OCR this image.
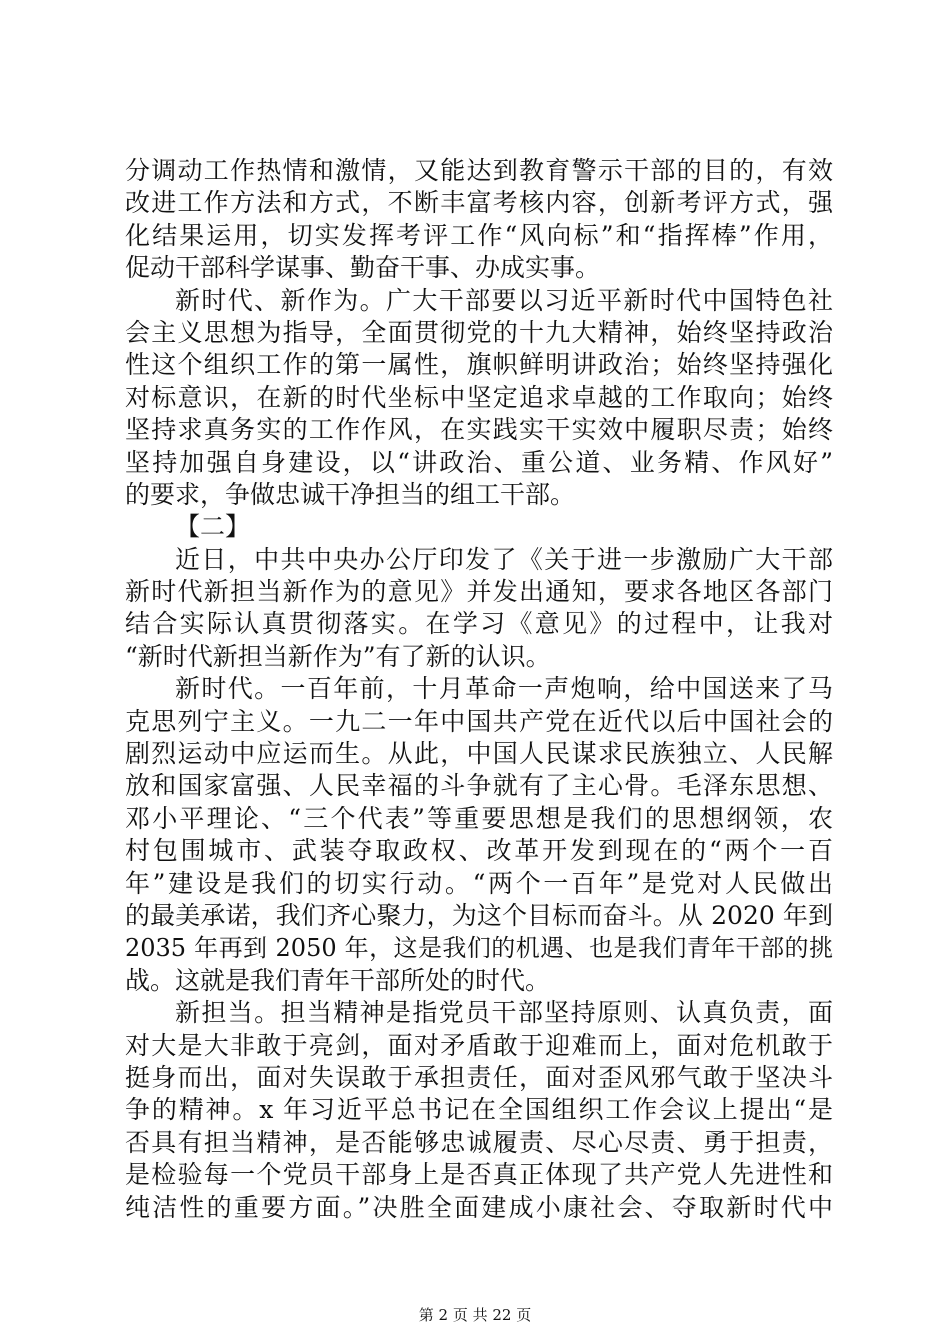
分调动工作热情和激情，又能达到教育警示干部的目的，有效
改进工作方法和方式，不断丰富考核内容，创新考评方式，强
化结果运用，切实发挥考评工作“风向标”和“指挥棒”作用，
促动干部科学谋事、勤奋干事、办成实事。
新时代、新作为。广大干部要以习近平新时代中国特色社
会主义思想为指导，全面贯彻党的十九大精神，始终坚持政治
性这个组织工作的第一属性，旗帜鲜明讲政治；始终坚持强化
对标意识，在新的时代坐标中坚定追求卓越的工作取向；始终
坚持求真务实的工作作风，在实践实干实效中履职尽责；始终
坚持加强自身建设，以“讲政治、重公道、业务精、作风好”
的要求，争做忠诚干净担当的组工干部。
【二】
近日，中共中央办公厅印发了《关于进一步激励广大干部
新时代新担当新作为的意见》并发出通知，要求各地区各部门
结合实际认真贯彻落实。在学习《意见》的过程中，让我对
“新时代新担当新作为”有了新的认识。
新时代。一百年前，十月革命一声炮响，给中国送来了马
克思列宁主义。一九二一年中国共产党在近代以后中国社会的
剧烈运动中应运而生。从此，中国人民谋求民族独立、人民解
放和国家富强、人民幸福的斗争就有了主心骨。毛泽东思想、
邓小平理论、“三个代表”等重要思想是我们的思想纲领，农
村包围城市、武装夺取政权、改革开发到现在的“两个一百
年”建设是我们的切实行动。“两个一百年”是党对人民做出
的最美承诺，我们齐心聚力，为这个目标而奋斗。从 2020 年到
2035 年再到 2050 年，这是我们的机遇、也是我们青年干部的挑
战。这就是我们青年干部所处的时代。
新担当。担当精神是指党员干部坚持原则、认真负责，面
对大是大非敢于亮剑，面对矛盾敢于迎难而上，面对危机敢于
挺身而出，面对失误敢于承担责任，面对歪风邪气敢于坚决斗
争的精神。x 年习近平总书记在全国组织工作会议上提出“是
否具有担当精神，是否能够忠诚履责、尽心尽责、勇于担责，
是检验每一个党员干部身上是否真正体现了共产党人先进性和
纯洁性的重要方面。”决胜全面建成小康社会、夺取新时代中
第 2 页 共 22 页
